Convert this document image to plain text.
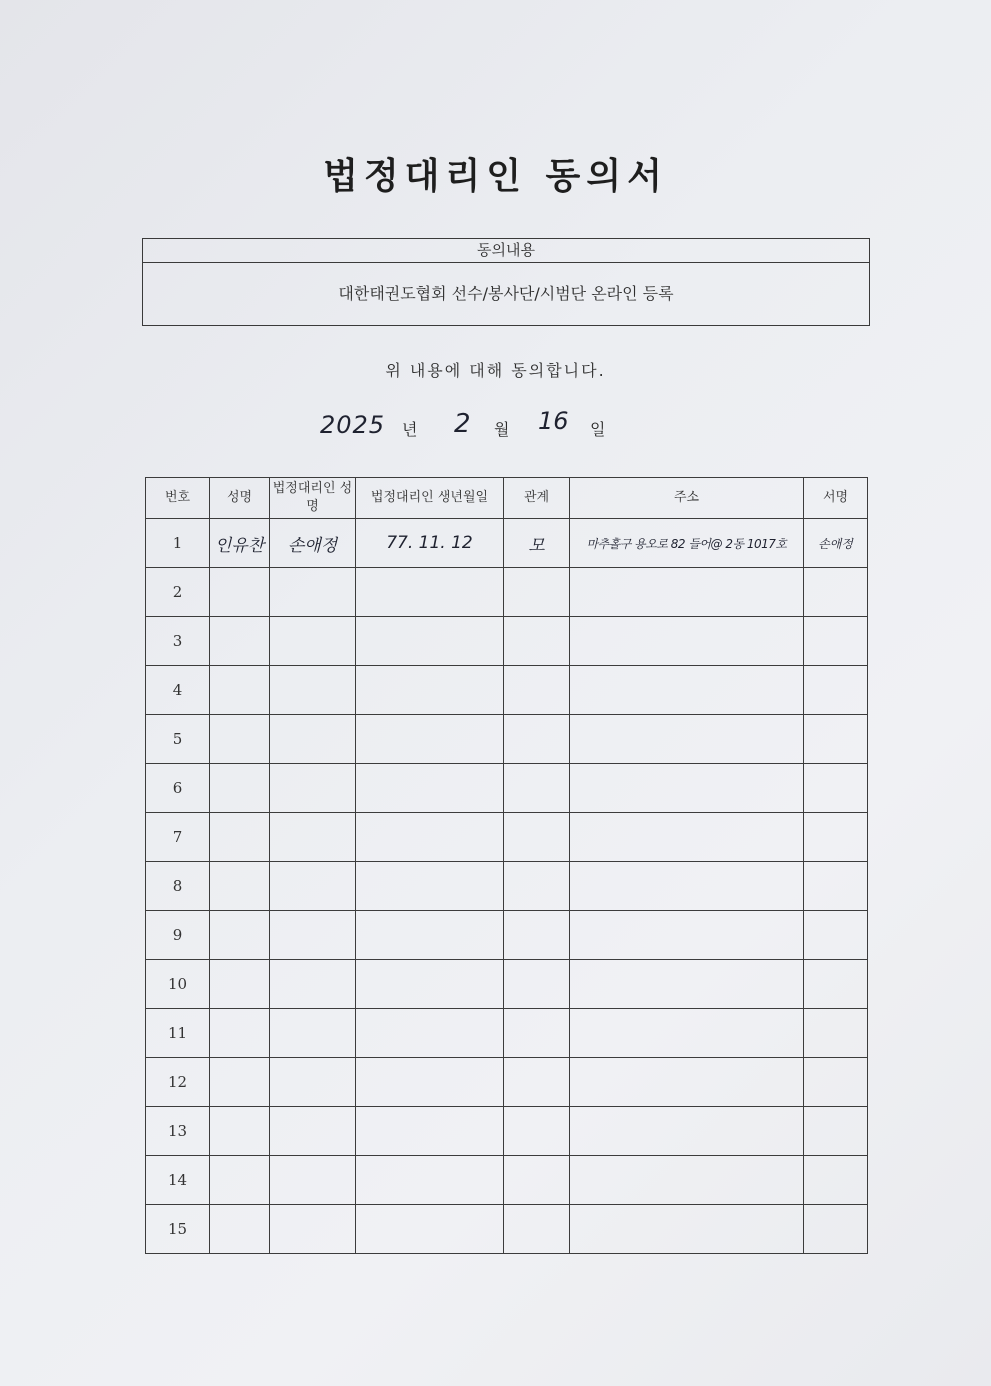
법정대리인 동의서
동의내용
대한태권도협회 선수/봉사단/시범단 온라인 등록
위 내용에 대해 동의합니다.
2025 년 2 월 16 일
번호	성명	법정대리인 성명	법정대리인 생년월일	관계	주소	서명
1	인유찬	손애정	77. 11. 12	모	마추홀구 용오로 82 들어@ 2동 1017호	손애정
2						
3						
4						
5						
6						
7						
8						
9						
10						
11						
12						
13						
14						
15						
